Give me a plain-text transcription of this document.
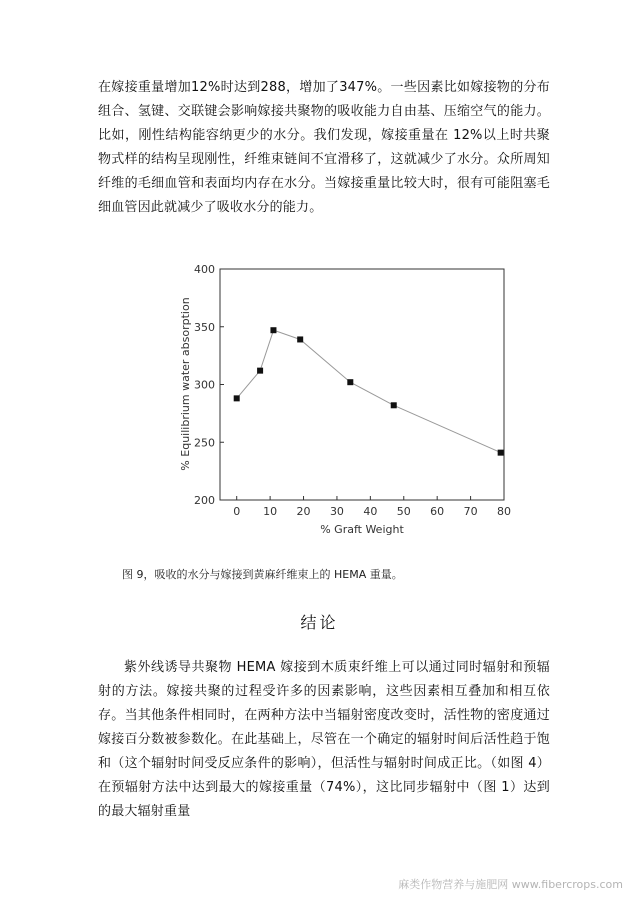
在嫁接重量增加12%时达到288，增加了347%。一些因素比如嫁接物的分布组合、氢键、交联键会影响嫁接共聚物的吸收能力自由基、压缩空气的能力。比如，刚性结构能容纳更少的水分。我们发现，嫁接重量在 12%以上时共聚物式样的结构呈现刚性，纤维束链间不宜滑移了，这就减少了水分。众所周知纤维的毛细血管和表面均内存在水分。当嫁接重量比较大时，很有可能阻塞毛细血管因此就减少了吸收水分的能力。

200
250
300
350
400
0 10 20 30 40 50 60 70 80
% Graft Weight
% Equilibrium water absorption
图 9，吸收的水分与嫁接到黄麻纤维束上的 HEMA 重量。
结论

紫外线诱导共聚物 HEMA 嫁接到木质束纤维上可以通过同时辐射和预辐射的方法。嫁接共聚的过程受许多的因素影响，这些因素相互叠加和相互依存。当其他条件相同时，在两种方法中当辐射密度改变时，活性物的密度通过嫁接百分数被参数化。在此基础上，尽管在一个确定的辐射时间后活性趋于饱和（这个辐射时间受反应条件的影响），但活性与辐射时间成正比。（如图 4）在预辐射方法中达到最大的嫁接重量（74%），这比同步辐射中（图 1）达到的最大辐射重量

麻类作物营养与施肥网 www.fibercrops.com
